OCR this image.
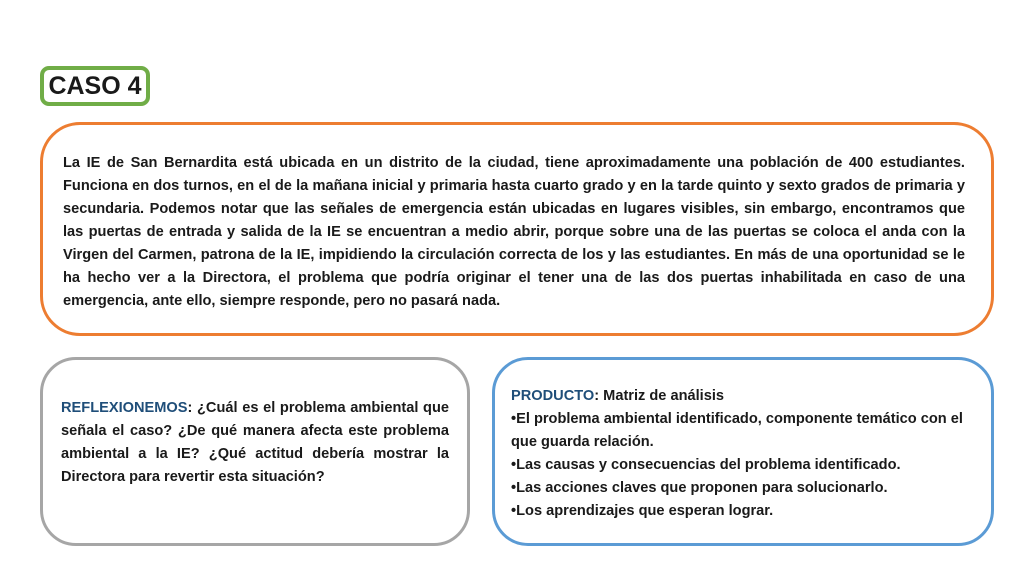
CASO 4

La IE de San Bernardita está ubicada en un distrito de la ciudad, tiene aproximadamente una población de 400 estudiantes. Funciona en dos turnos, en el de la mañana inicial y primaria hasta cuarto grado y en la tarde quinto y sexto grados de primaria y secundaria. Podemos notar que las señales de emergencia están ubicadas en lugares visibles, sin embargo, encontramos que las puertas de entrada y salida de la IE se encuentran a medio abrir, porque sobre una de las puertas se coloca el anda con la Virgen del Carmen, patrona de la IE, impidiendo la circulación correcta de los y las estudiantes. En más de una oportunidad se le ha hecho ver a la Directora, el problema que podría originar el tener una de las dos puertas inhabilitada en caso de una emergencia, ante ello, siempre responde, pero no pasará nada.

REFLEXIONEMOS: ¿Cuál es el problema ambiental que señala el caso? ¿De qué manera afecta este problema ambiental a la IE? ¿Qué actitud debería mostrar la Directora para revertir esta situación?

PRODUCTO: Matriz de análisis
•El problema ambiental identificado, componente temático con el que guarda relación.
•Las causas y consecuencias del problema identificado.
•Las acciones claves que proponen para solucionarlo.
•Los aprendizajes que esperan lograr.
